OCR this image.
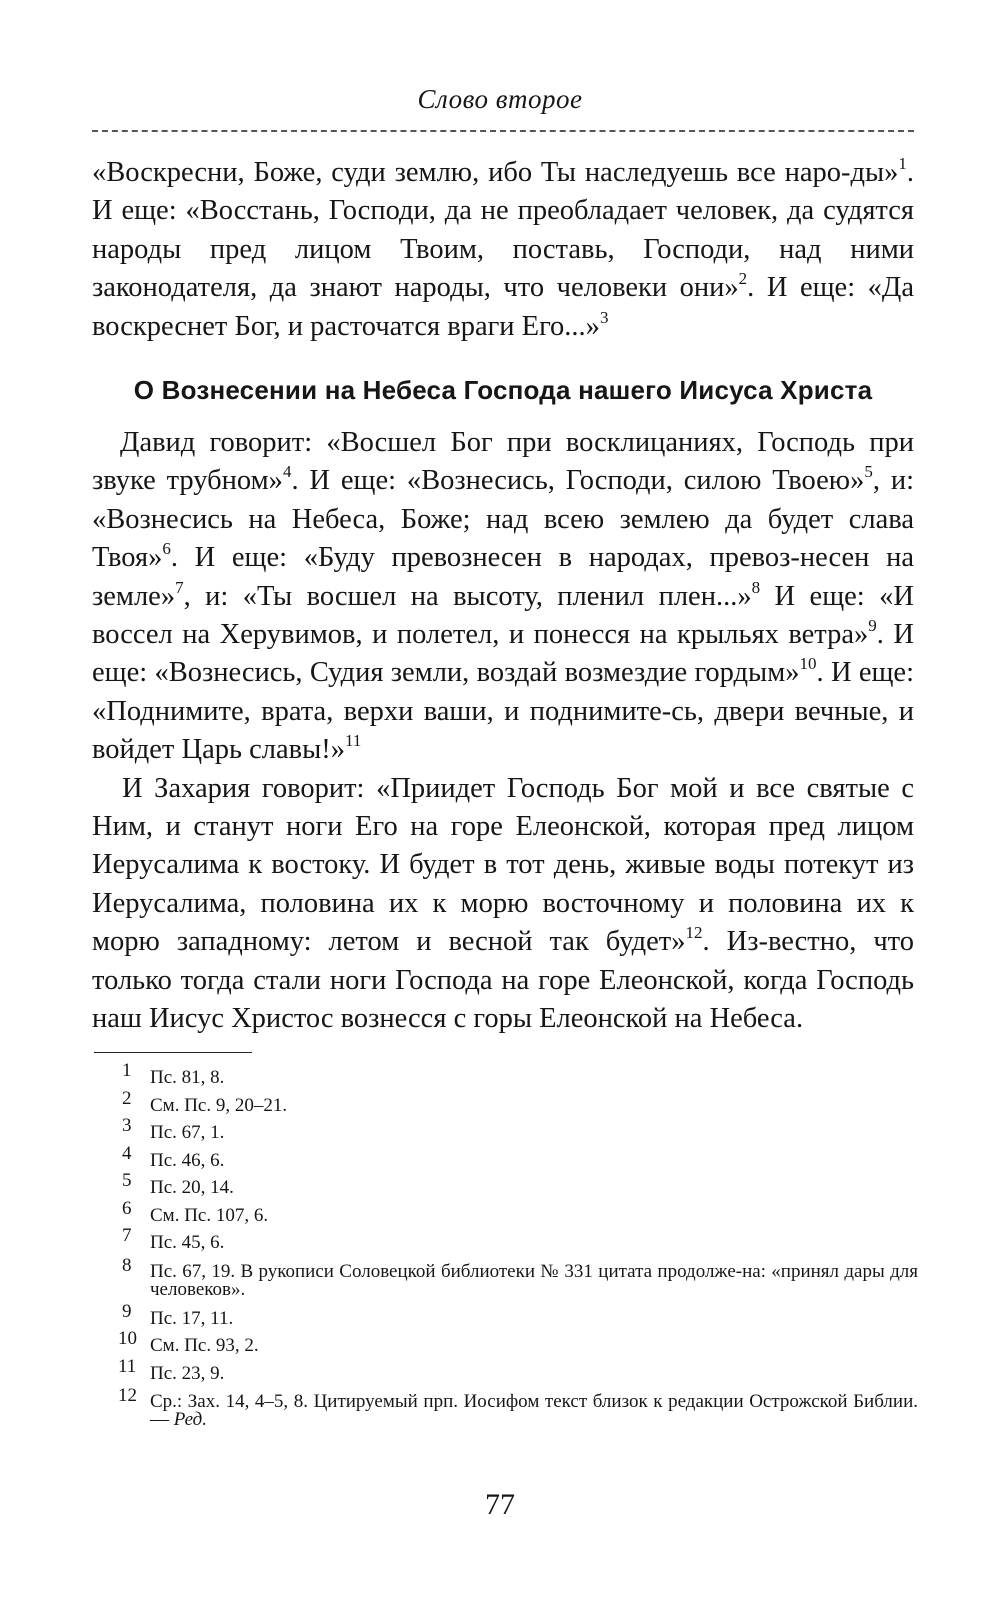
Слово второе

«Воскресни, Боже, суди землю, ибо Ты наследуешь все наро-ды»$^1$. И еще: «Восстань, Господи, да не преобладает человек, да судятся народы пред лицом Твоим, поставь, Господи, над ними законодателя, да знают народы, что человеки они»$^2$. И еще: «Да воскреснет Бог, и расточатся враги Его...»$^3$

О Вознесении на Небеса Господа нашего Иисуса Христа

Давид говорит: «Восшел Бог при восклицаниях, Господь при звуке трубном»$^4$. И еще: «Вознесись, Господи, силою Твоею»$^5$, и: «Вознесись на Небеса, Боже; над всею землею да будет слава Твоя»$^6$. И еще: «Буду превознесен в народах, превоз-несен на земле»$^7$, и: «Ты восшел на высоту, пленил плен...»$^8$ И еще: «И воссел на Херувимов, и полетел, и понесся на крыльях ветра»$^9$. И еще: «Вознесись, Судия земли, воздай возмездие гордым»$^{10}$. И еще: «Поднимите, врата, верхи ваши, и поднимите-сь, двери вечные, и войдет Царь славы!»$^{11}$

И Захария говорит: «Приидет Господь Бог мой и все святые с Ним, и станут ноги Его на горе Елеонской, которая пред лицом Иерусалима к востоку. И будет в тот день, живые воды потекут из Иерусалима, половина их к морю восточному и половина их к морю западному: летом и весной так будет»$^{12}$. Из-вестно, что только тогда стали ноги Господа на горе Елеонской, когда Господь наш Иисус Христос вознесся с горы Елеонской на Небеса.

1 Пс. 81, 8.
2 См. Пс. 9, 20–21.
3 Пс. 67, 1.
4 Пс. 46, 6.
5 Пс. 20, 14.
6 См. Пс. 107, 6.
7 Пс. 45, 6.
8 Пс. 67, 19. В рукописи Соловецкой библиотеки № 331 цитата продолже-на: «принял дары для человеков».
9 Пс. 17, 11.
10 См. Пс. 93, 2.
11 Пс. 23, 9.
12 Ср.: Зах. 14, 4–5, 8. Цитируемый прп. Иосифом текст близок к редакции Острожской Библии.— Ред.
77
